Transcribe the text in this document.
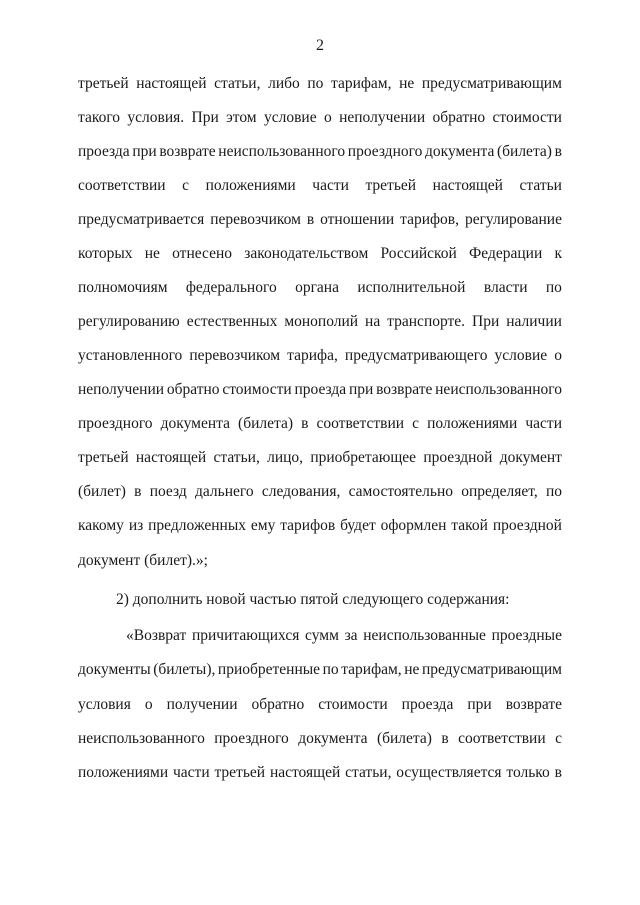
2
третьей настоящей статьи, либо по тарифам, не предусматривающим
такого условия. При этом условие о неполучении обратно стоимости
проезда при возврате неиспользованного проездного документа (билета) в
соответствии с положениями части третьей настоящей статьи
предусматривается перевозчиком в отношении тарифов, регулирование
которых не отнесено законодательством Российской Федерации к
полномочиям федерального органа исполнительной власти по
регулированию естественных монополий на транспорте. При наличии
установленного перевозчиком тарифа, предусматривающего условие о
неполучении обратно стоимости проезда при возврате неиспользованного
проездного документа (билета) в соответствии с положениями части
третьей настоящей статьи, лицо, приобретающее проездной документ
(билет) в поезд дальнего следования, самостоятельно определяет, по
какому из предложенных ему тарифов будет оформлен такой проездной
документ (билет).»;
2) дополнить новой частью пятой следующего содержания:
«Возврат причитающихся сумм за неиспользованные проездные
документы (билеты), приобретенные по тарифам, не предусматривающим
условия о получении обратно стоимости проезда при возврате
неиспользованного проездного документа (билета) в соответствии с
положениями части третьей настоящей статьи, осуществляется только в
